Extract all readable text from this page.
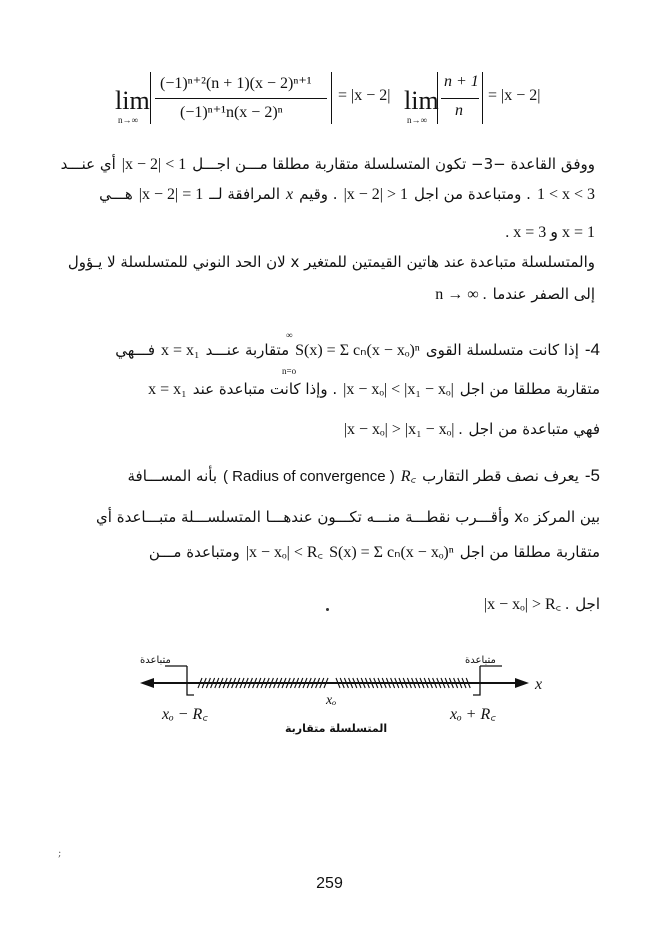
lim
n→∞
(−1)ⁿ⁺²(n + 1)(x − 2)ⁿ⁺¹
(−1)ⁿ⁺¹n(x − 2)ⁿ
= |x − 2| lim
n→∞
n + 1
n
= |x − 2|
ووفق القاعدة −3− تكون المتسلسلة متقاربة مطلقا مـــن اجـــل
|x − 2| < 1
أي عنـــد
1 < x < 3
. ومتباعدة من اجل
|x − 2| > 1
. وقيم
x
المرافقة لــ
|x − 2| = 1
هـــي
x = 1 و x = 3 .
والمتسلسلة متباعدة عند هاتين القيمتين للمتغير x لان الحد النوني للمتسلسلة لا يـؤول
إلى الصفر عندما
n → ∞ .
-4
إذا كانت متسلسلة القوى
S(x) = Σ cₙ(x − xₒ)ⁿ
متقاربة عنـــد
x = x₁
فـــهي
∞
n=o
متقاربة مطلقا من اجل
|x − xₒ| < |x₁ − xₒ|
. وإذا كانت متباعدة عند
x = x₁
فهي متباعدة من اجل
|x − xₒ| > |x₁ − xₒ| .
-5
يعرف نصف قطر التقارب
R꜀
( Radius of convergence )
بأنه المســـافة
بين المركز xₒ وأقـــرب نقطـــة منـــه تكـــون عندهـــا المتسلســـلة متبـــاعدة أي
متقاربة مطلقا من اجل
S(x) = Σ cₙ(x − xₒ)ⁿ
|x − xₒ| < R꜀
ومتباعدة مـــن
اجل
|x − xₒ| > R꜀ .
متباعدة	متباعدة
x
xₒ
xₒ − R꜀	xₒ + R꜀
المتسلسلة متقاربة
;
259
